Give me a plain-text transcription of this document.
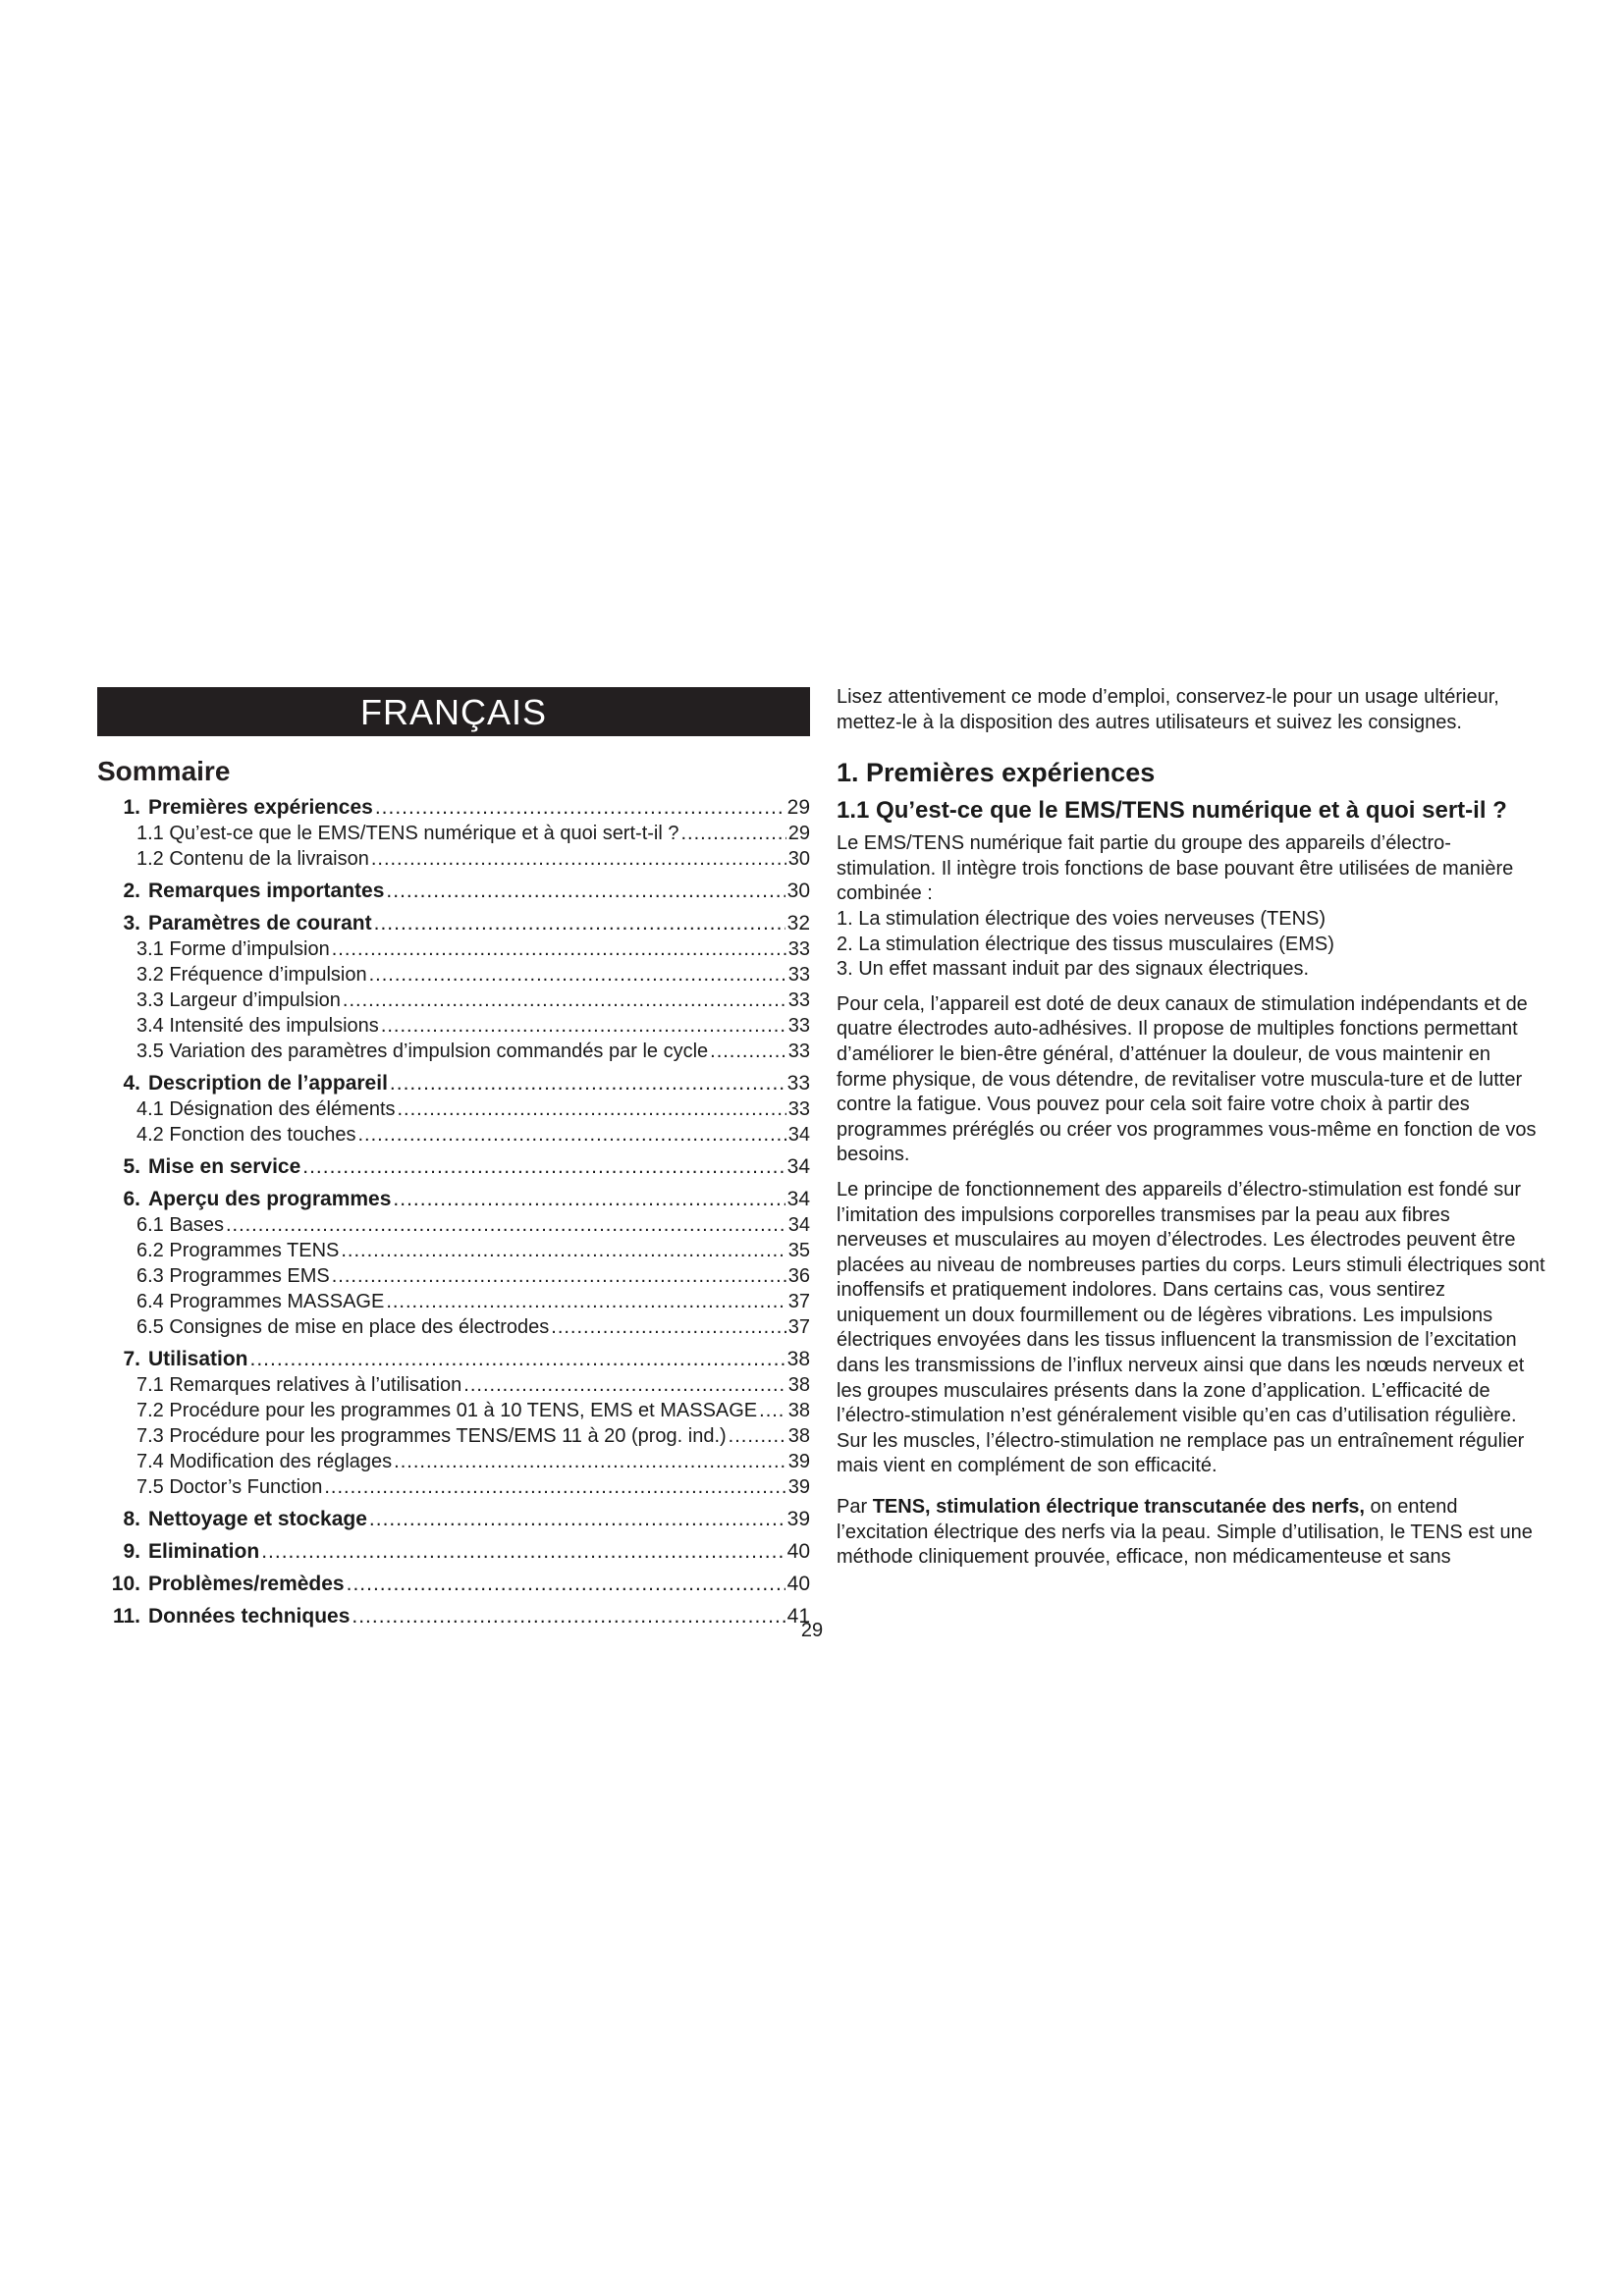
FRANÇAIS
Sommaire
1. Premières expériences .....	29
1.1 Qu’est-ce que le EMS/TENS numérique et à quoi sert-t-il ? .....	29
1.2 Contenu de la livraison .....	30
2. Remarques importantes .....	30
3. Paramètres de courant .....	32
3.1 Forme d’impulsion .....	33
3.2 Fréquence d’impulsion .....	33
3.3 Largeur d’impulsion .....	33
3.4 Intensité des impulsions .....	33
3.5 Variation des paramètres d’impulsion commandés par le cycle .....	33
4. Description de l’appareil .....	33
4.1 Désignation des éléments .....	33
4.2 Fonction des touches .....	34
5. Mise en service .....	34
6. Aperçu des programmes .....	34
6.1 Bases .....	34
6.2 Programmes TENS .....	35
6.3 Programmes EMS .....	36
6.4 Programmes MASSAGE .....	37
6.5 Consignes de mise en place des électrodes .....	37
7. Utilisation .....	38
7.1 Remarques relatives à l’utilisation .....	38
7.2 Procédure pour les programmes 01 à 10 TENS, EMS et MASSAGE ..... 38
7.3 Procédure pour les programmes TENS/EMS 11 à 20 (prog. ind.) .....	38
7.4 Modification des réglages .....	39
7.5 Doctor’s Function .....	39
8. Nettoyage et stockage .....	39
9. Elimination .....	40
10. Problèmes/remèdes .....	40
11. Données techniques .....	41

Lisez attentivement ce mode d’emploi, conservez-le pour un usage ultérieur, mettez-le à la disposition des autres utilisateurs et suivez les consignes.

1. Premières expériences
1.1 Qu’est-ce que le EMS/TENS numérique et à quoi sert-il ?

Le EMS/TENS numérique fait partie du groupe des appareils d’électro-stimulation. Il intègre trois fonctions de base pouvant être utilisées de manière combinée :

1. La stimulation électrique des voies nerveuses (TENS)
2. La stimulation électrique des tissus musculaires (EMS)
3. Un effet massant induit par des signaux électriques.

Pour cela, l’appareil est doté de deux canaux de stimulation indépendants et de quatre électrodes auto-adhésives. Il propose de multiples fonctions permettant d’améliorer le bien-être général, d’atténuer la douleur, de vous maintenir en forme physique, de vous détendre, de revitaliser votre muscula-ture et de lutter contre la fatigue. Vous pouvez pour cela soit faire votre choix à partir des programmes préréglés ou créer vos programmes vous-même en fonction de vos besoins.

Le principe de fonctionnement des appareils d’électro-stimulation est fondé sur l’imitation des impulsions corporelles transmises par la peau aux fibres nerveuses et musculaires au moyen d’électrodes. Les électrodes peuvent être placées au niveau de nombreuses parties du corps. Leurs stimuli électriques sont inoffensifs et pratiquement indolores. Dans certains cas, vous sentirez uniquement un doux fourmillement ou de légères vibrations. Les impulsions électriques envoyées dans les tissus influencent la transmission de l’excitation dans les transmissions de l’influx nerveux ainsi que dans les nœuds nerveux et les groupes musculaires présents dans la zone d’application. L’efficacité de l’électro-stimulation n’est généralement visible qu’en cas d’utilisation régulière. Sur les muscles, l’électro-stimulation ne remplace pas un entraînement régulier mais vient en complément de son efficacité.

Par TENS, stimulation électrique transcutanée des nerfs, on entend l’excitation électrique des nerfs via la peau. Simple d’utilisation, le TENS est une méthode cliniquement prouvée, efficace, non médicamenteuse et sans

29
